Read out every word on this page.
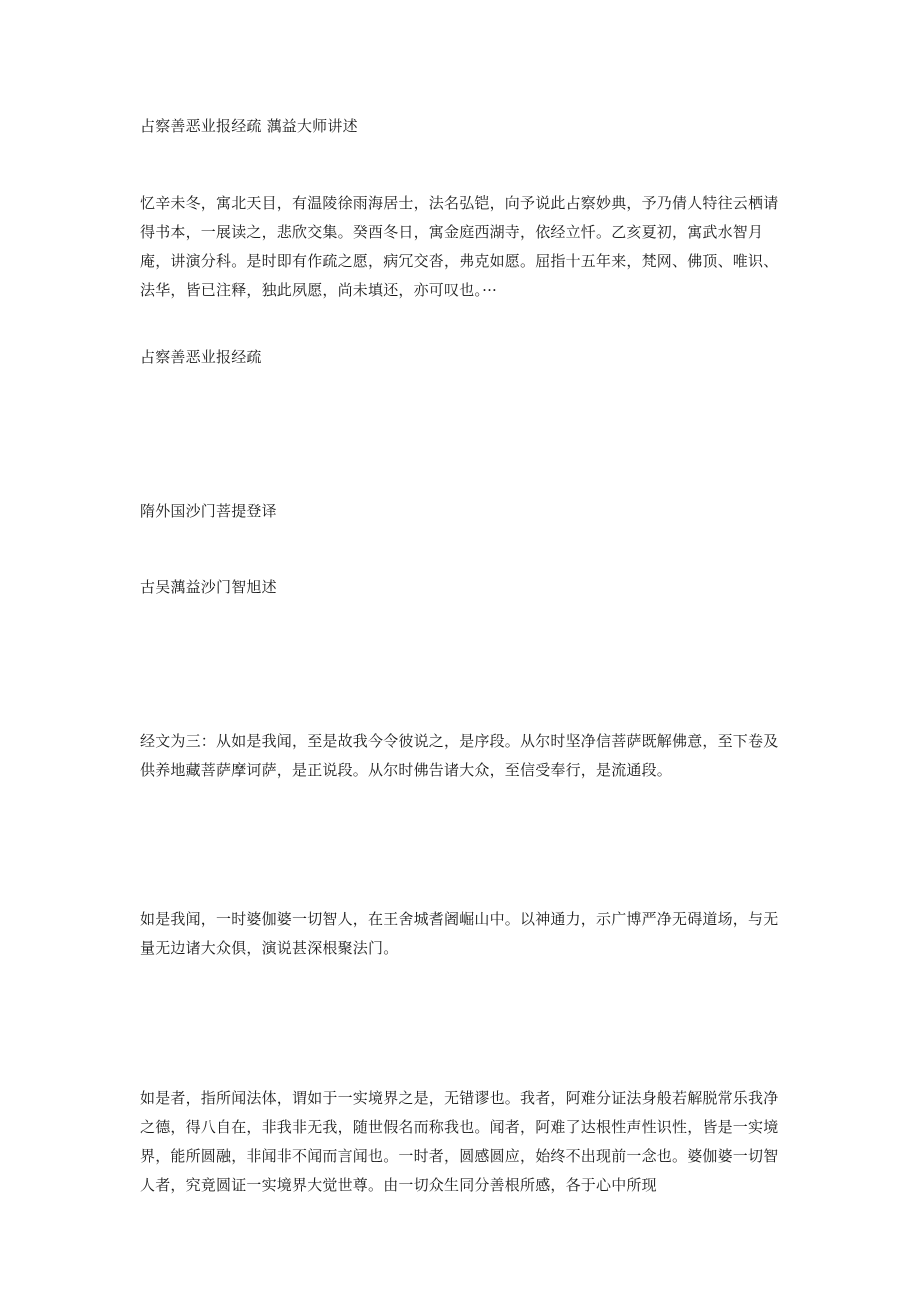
占察善恶业报经疏 蕅益大师讲述

忆辛未冬，寓北天目，有温陵徐雨海居士，法名弘铠，向予说此占察妙典，予乃倩人特往云栖请得书本，一展读之，悲欣交集。癸酉冬日，寓金庭西湖寺，依经立忏。乙亥夏初，寓武水智月庵，讲演分科。是时即有作疏之愿，病冗交沓，弗克如愿。屈指十五年来，梵网、佛顶、唯识、法华，皆已注释，独此夙愿，尚未填还，亦可叹也。···

占察善恶业报经疏

隋外国沙门菩提登译

古吴蕅益沙门智旭述

经文为三：从如是我闻，至是故我今令彼说之，是序段。从尔时坚净信菩萨既解佛意，至下卷及供养地藏菩萨摩诃萨，是正说段。从尔时佛告诸大众，至信受奉行，是流通段。

如是我闻，一时婆伽婆一切智人，在王舍城耆阇崛山中。以神通力，示广博严净无碍道场，与无量无边诸大众俱，演说甚深根聚法门。

如是者，指所闻法体，谓如于一实境界之是，无错谬也。我者，阿难分证法身般若解脱常乐我净之德，得八自在，非我非无我，随世假名而称我也。闻者，阿难了达根性声性识性，皆是一实境界，能所圆融，非闻非不闻而言闻也。一时者，圆感圆应，始终不出现前一念也。婆伽婆一切智人者，究竟圆证一实境界大觉世尊。由一切众生同分善根所感，各于心中所现
